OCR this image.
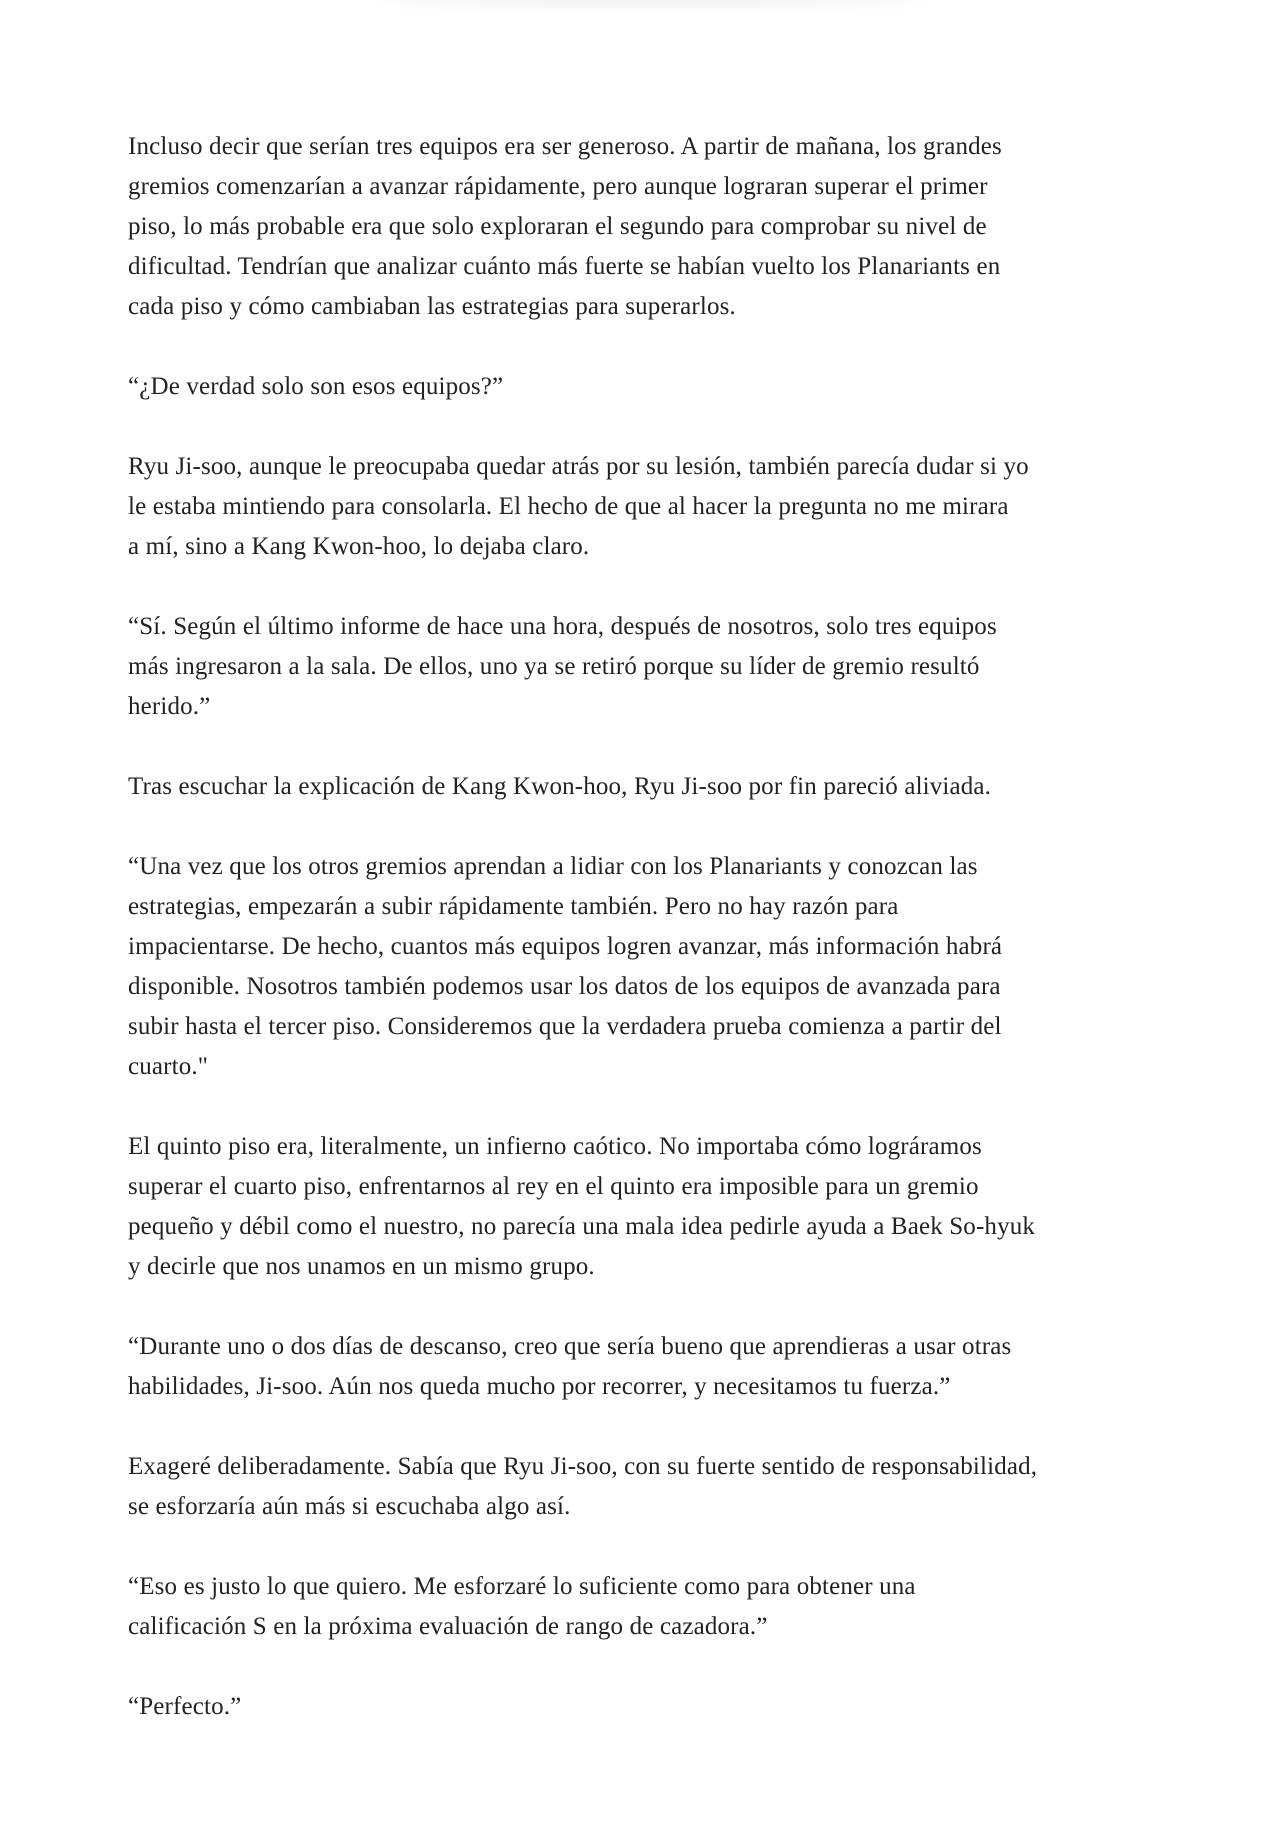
Incluso decir que serían tres equipos era ser generoso. A partir de mañana, los grandes
gremios comenzarían a avanzar rápidamente, pero aunque lograran superar el primer
piso, lo más probable era que solo exploraran el segundo para comprobar su nivel de
dificultad. Tendrían que analizar cuánto más fuerte se habían vuelto los Planariants en
cada piso y cómo cambiaban las estrategias para superarlos.

“¿De verdad solo son esos equipos?”

Ryu Ji-soo, aunque le preocupaba quedar atrás por su lesión, también parecía dudar si yo
le estaba mintiendo para consolarla. El hecho de que al hacer la pregunta no me mirara
a mí, sino a Kang Kwon-hoo, lo dejaba claro.

“Sí. Según el último informe de hace una hora, después de nosotros, solo tres equipos
más ingresaron a la sala. De ellos, uno ya se retiró porque su líder de gremio resultó
herido.”

Tras escuchar la explicación de Kang Kwon-hoo, Ryu Ji-soo por fin pareció aliviada.

“Una vez que los otros gremios aprendan a lidiar con los Planariants y conozcan las
estrategias, empezarán a subir rápidamente también. Pero no hay razón para
impacientarse. De hecho, cuantos más equipos logren avanzar, más información habrá
disponible. Nosotros también podemos usar los datos de los equipos de avanzada para
subir hasta el tercer piso. Consideremos que la verdadera prueba comienza a partir del
cuarto."

El quinto piso era, literalmente, un infierno caótico. No importaba cómo lográramos
superar el cuarto piso, enfrentarnos al rey en el quinto era imposible para un gremio
pequeño y débil como el nuestro, no parecía una mala idea pedirle ayuda a Baek So-hyuk
y decirle que nos unamos en un mismo grupo.

“Durante uno o dos días de descanso, creo que sería bueno que aprendieras a usar otras
habilidades, Ji-soo. Aún nos queda mucho por recorrer, y necesitamos tu fuerza.”

Exageré deliberadamente. Sabía que Ryu Ji-soo, con su fuerte sentido de responsabilidad,
se esforzaría aún más si escuchaba algo así.

“Eso es justo lo que quiero. Me esforzaré lo suficiente como para obtener una
calificación S en la próxima evaluación de rango de cazadora.”

“Perfecto.”
